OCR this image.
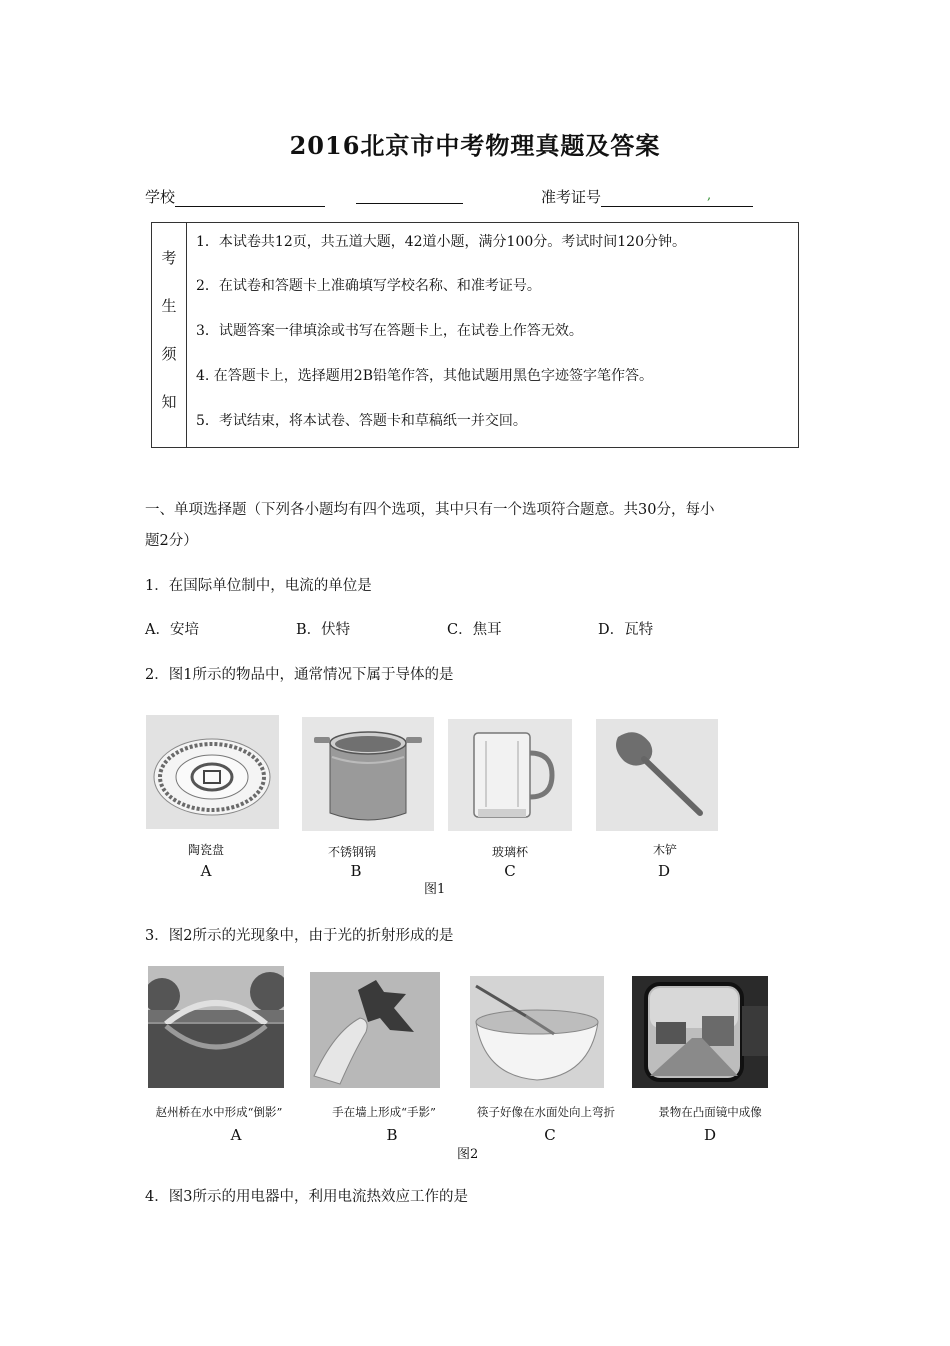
2016北京市中考物理真题及答案
学校	准考证号	,
考
生
须
知
1．本试卷共12页，共五道大题，42道小题，满分100分。考试时间120分钟。
2．在试卷和答题卡上准确填写学校名称、和准考证号。
3．试题答案一律填涂或书写在答题卡上，在试卷上作答无效。
4. 在答题卡上，选择题用2B铅笔作答，其他试题用黑色字迹签字笔作答。
5．考试结束，将本试卷、答题卡和草稿纸一并交回。
一、单项选择题（下列各小题均有四个选项，其中只有一个选项符合题意。共30分，每小
题2分）
1．在国际单位制中，电流的单位是
A．安培	B．伏特	C．焦耳	D．瓦特
2．图1所示的物品中，通常情况下属于导体的是
陶瓷盘	不锈钢锅	玻璃杯	木铲
A	B	C	D
图1
3．图2所示的光现象中，由于光的折射形成的是
赵州桥在水中形成“倒影”	手在墙上形成“手影”	筷子好像在水面处向上弯折	景物在凸面镜中成像
A	B	C	D
图2
4．图3所示的用电器中，利用电流热效应工作的是
